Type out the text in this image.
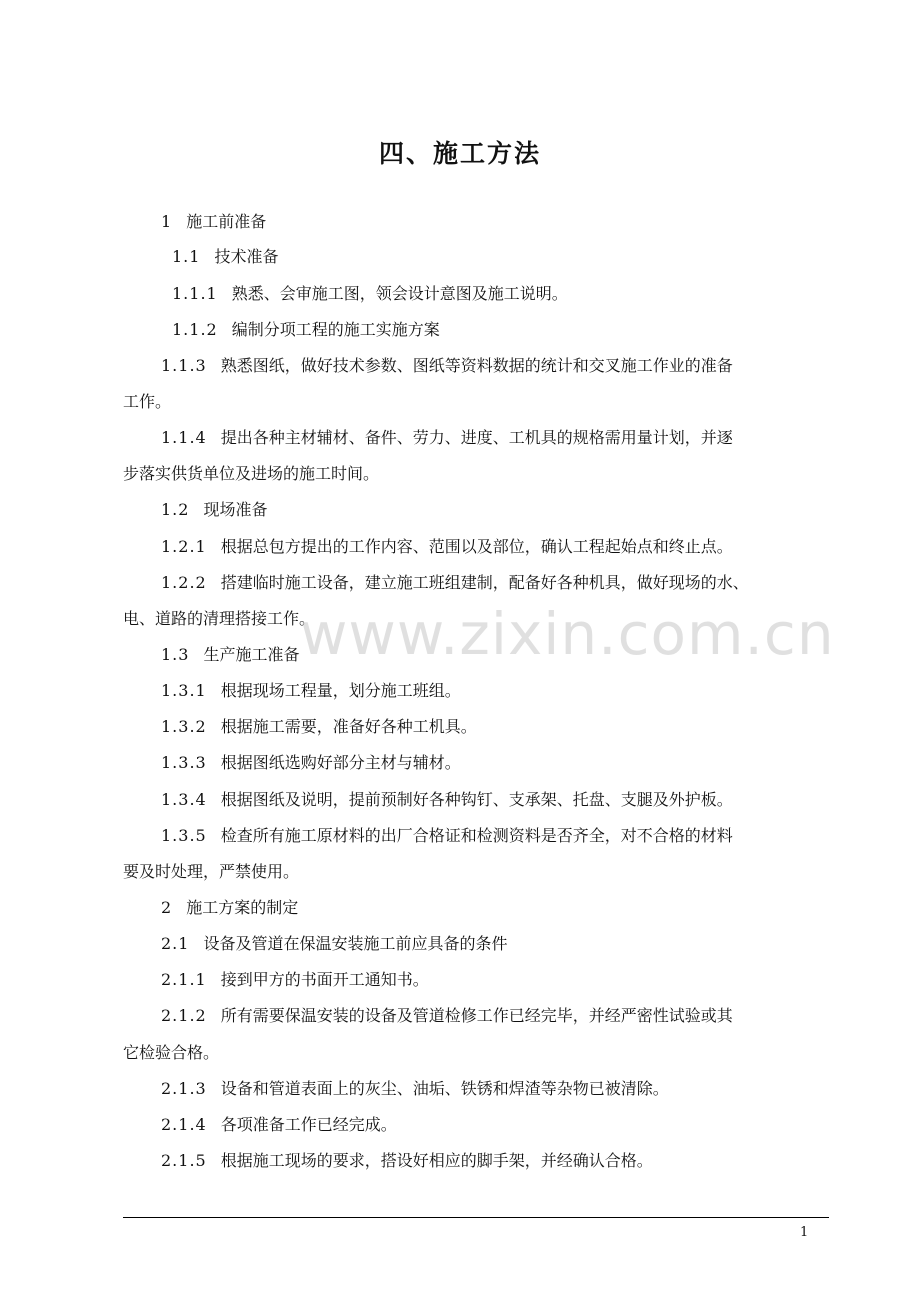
四、施工方法
1 施工前准备
1.1 技术准备
1.1.1 熟悉、会审施工图，领会设计意图及施工说明。
1.1.2 编制分项工程的施工实施方案
1.1.3 熟悉图纸，做好技术参数、图纸等资料数据的统计和交叉施工作业的准备
工作。
1.1.4 提出各种主材辅材、备件、劳力、进度、工机具的规格需用量计划，并逐
步落实供货单位及进场的施工时间。
1.2 现场准备
1.2.1 根据总包方提出的工作内容、范围以及部位，确认工程起始点和终止点。
1.2.2 搭建临时施工设备，建立施工班组建制，配备好各种机具，做好现场的水、
电、道路的清理搭接工作。
1.3 生产施工准备
1.3.1 根据现场工程量，划分施工班组。
1.3.2 根据施工需要，准备好各种工机具。
1.3.3 根据图纸选购好部分主材与辅材。
1.3.4 根据图纸及说明，提前预制好各种钩钉、支承架、托盘、支腿及外护板。
1.3.5 检查所有施工原材料的出厂合格证和检测资料是否齐全，对不合格的材料
要及时处理，严禁使用。
2 施工方案的制定
2.1 设备及管道在保温安装施工前应具备的条件
2.1.1 接到甲方的书面开工通知书。
2.1.2 所有需要保温安装的设备及管道检修工作已经完毕，并经严密性试验或其
它检验合格。
2.1.3 设备和管道表面上的灰尘、油垢、铁锈和焊渣等杂物已被清除。
2.1.4 各项准备工作已经完成。
2.1.5 根据施工现场的要求，搭设好相应的脚手架，并经确认合格。
www.zixin.com.cn
1
